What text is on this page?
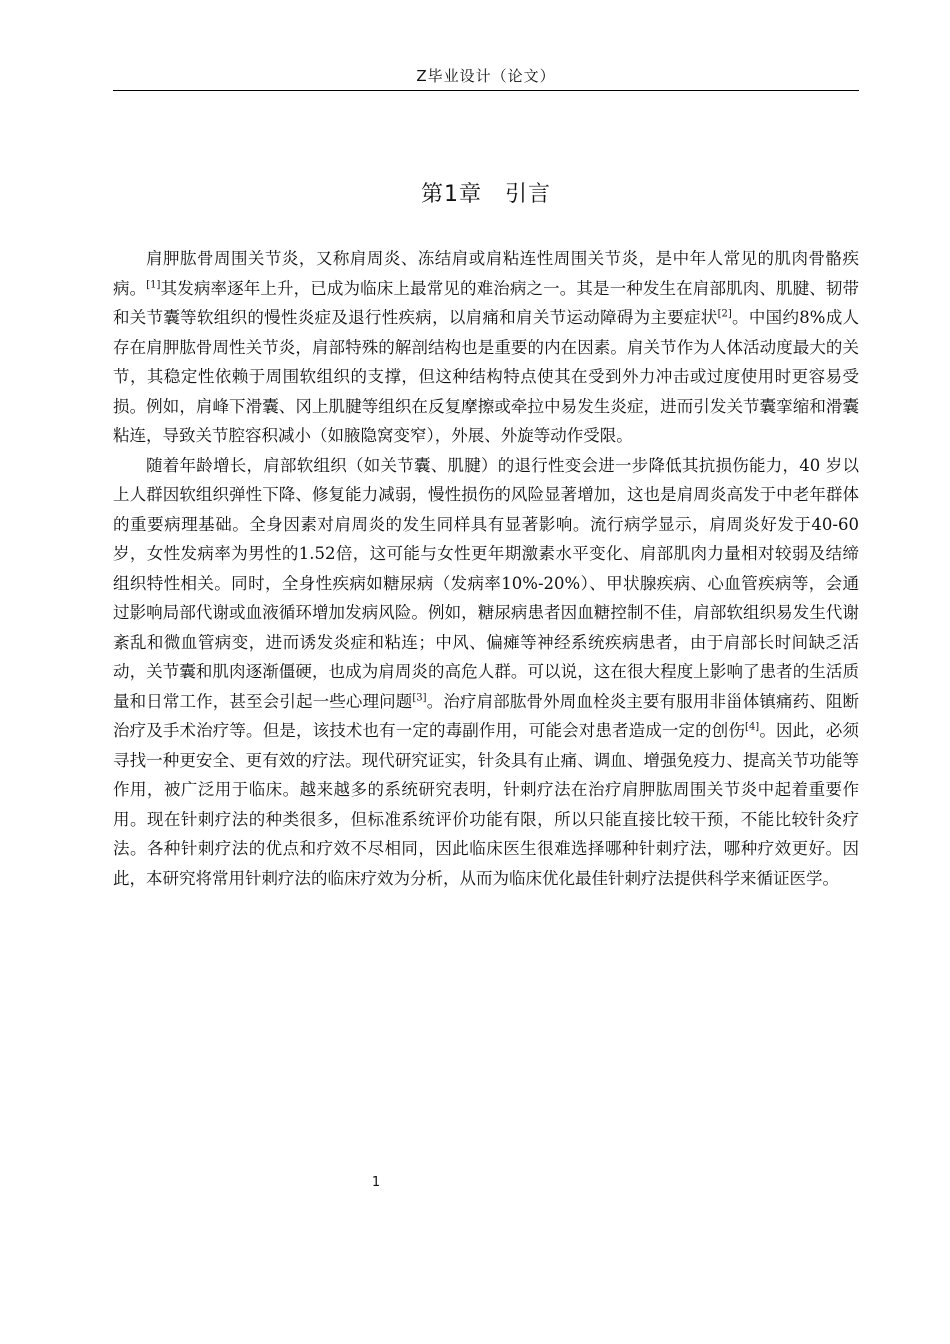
Z毕业设计（论文）
第1章　引言

肩胛肱骨周围关节炎，又称肩周炎、冻结肩或肩粘连性周围关节炎，是中年人常见的肌肉骨骼疾病。[1]其发病率逐年上升，已成为临床上最常见的难治病之一。其是一种发生在肩部肌肉、肌腱、韧带和关节囊等软组织的慢性炎症及退行性疾病，以肩痛和肩关节运动障碍为主要症状[2]。中国约8%成人存在肩胛肱骨周性关节炎，肩部特殊的解剖结构也是重要的内在因素。肩关节作为人体活动度最大的关节，其稳定性依赖于周围软组织的支撑，但这种结构特点使其在受到外力冲击或过度使用时更容易受损。例如，肩峰下滑囊、冈上肌腱等组织在反复摩擦或牵拉中易发生炎症，进而引发关节囊挛缩和滑囊粘连，导致关节腔容积减小（如腋隐窝变窄），外展、外旋等动作受限。

随着年龄增长，肩部软组织（如关节囊、肌腱）的退行性变会进一步降低其抗损伤能力，40 岁以上人群因软组织弹性下降、修复能力减弱，慢性损伤的风险显著增加，这也是肩周炎高发于中老年群体的重要病理基础。全身因素对肩周炎的发生同样具有显著影响。流行病学显示，肩周炎好发于40-60 岁，女性发病率为男性的1.52倍，这可能与女性更年期激素水平变化、肩部肌肉力量相对较弱及结缔组织特性相关。同时，全身性疾病如糖尿病（发病率10%-20%）、甲状腺疾病、心血管疾病等，会通过影响局部代谢或血液循环增加发病风险。例如，糖尿病患者因血糖控制不佳，肩部软组织易发生代谢紊乱和微血管病变，进而诱发炎症和粘连；中风、偏瘫等神经系统疾病患者，由于肩部长时间缺乏活动，关节囊和肌肉逐渐僵硬，也成为肩周炎的高危人群。可以说，这在很大程度上影响了患者的生活质量和日常工作，甚至会引起一些心理问题[3]。治疗肩部肱骨外周血栓炎主要有服用非甾体镇痛药、阻断治疗及手术治疗等。但是，该技术也有一定的毒副作用，可能会对患者造成一定的创伤[4]。因此，必须寻找一种更安全、更有效的疗法。现代研究证实，针灸具有止痛、调血、增强免疫力、提高关节功能等作用，被广泛用于临床。越来越多的系统研究表明，针刺疗法在治疗肩胛肱周围关节炎中起着重要作用。现在针刺疗法的种类很多，但标准系统评价功能有限，所以只能直接比较干预，不能比较针灸疗法。各种针刺疗法的优点和疗效不尽相同，因此临床医生很难选择哪种针刺疗法，哪种疗效更好。因此，本研究将常用针刺疗法的临床疗效为分析，从而为临床优化最佳针刺疗法提供科学来循证医学。

1
